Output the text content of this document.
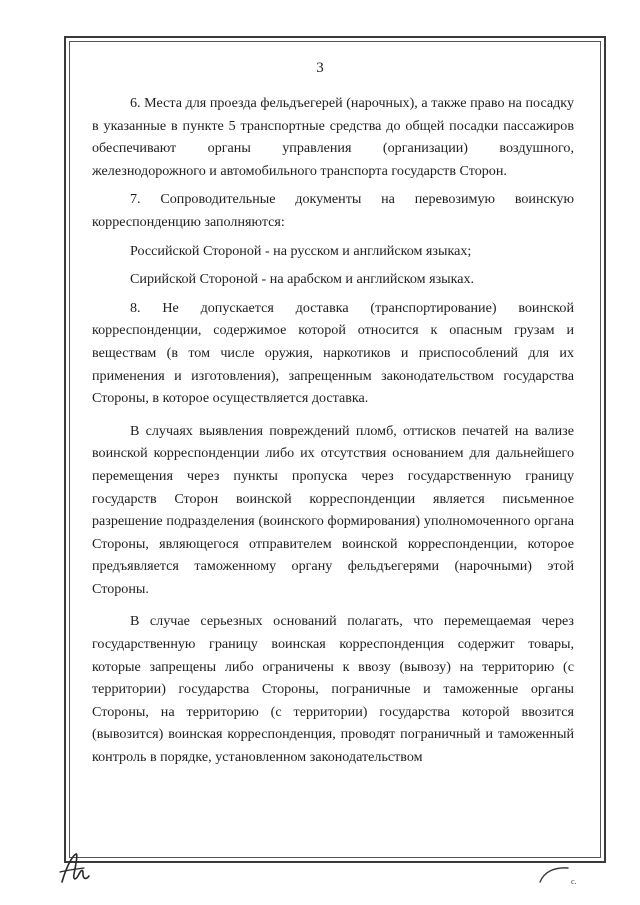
3

6. Места для проезда фельдъегерей (нарочных), а также право на посадку в указанные в пункте 5 транспортные средства до общей посадки пассажиров обеспечивают органы управления (организации) воздушного, железнодорожного и автомобильного транспорта государств Сторон.

7. Сопроводительные документы на перевозимую воинскую корреспонденцию заполняются:

Российской Стороной - на русском и английском языках;

Сирийской Стороной - на арабском и английском языках.

8. Не допускается доставка (транспортирование) воинской корреспонденции, содержимое которой относится к опасным грузам и веществам (в том числе оружия, наркотиков и приспособлений для их применения и изготовления), запрещенным законодательством государства Стороны, в которое осуществляется доставка.

В случаях выявления повреждений пломб, оттисков печатей на вализе воинской корреспонденции либо их отсутствия основанием для дальнейшего перемещения через пункты пропуска через государственную границу государств Сторон воинской корреспонденции является письменное разрешение подразделения (воинского формирования) уполномоченного органа Стороны, являющегося отправителем воинской корреспонденции, которое предъявляется таможенному органу фельдъегерями (нарочными) этой Стороны.

В случае серьезных оснований полагать, что перемещаемая через государственную границу воинская корреспонденция содержит товары, которые запрещены либо ограничены к ввозу (вывозу) на территорию (с территории) государства Стороны, пограничные и таможенные органы Стороны, на территорию (с территории) государства которой ввозится (вывозится) воинская корреспонденция, проводят пограничный и таможенный контроль в порядке, установленном законодательством

с.
